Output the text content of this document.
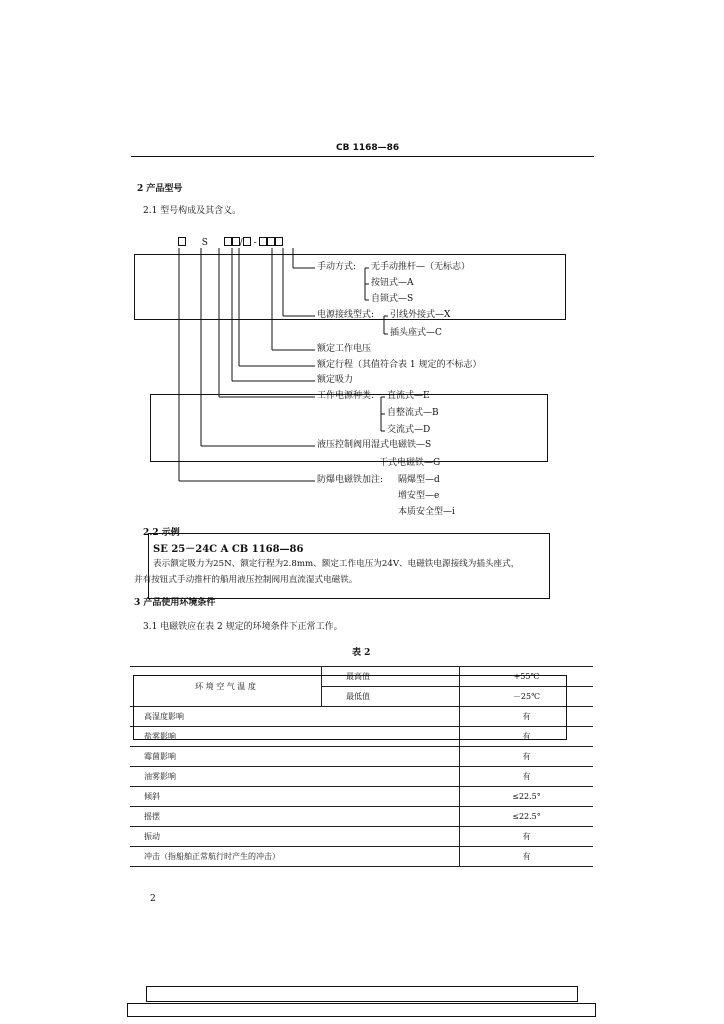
CB 1168—86
2 产品型号
2.1 型号构成及其含义。
S	/ -
手动方式: 无手动推杆—（无标志）
按钮式—A
自锁式—S
电源接线型式: 引线外接式—X
插头座式—C
额定工作电压
额定行程（其值符合表 1 规定的不标志）
额定吸力
工作电源种类: 直流式—E
自整流式—B
交流式—D
液压控制阀用湿式电磁铁—S
干式电磁铁—G
防爆电磁铁加注: 隔爆型—d
增安型—e
本质安全型—i
2.2 示例
SE 25－24C A CB 1168—86
表示额定吸力为25N、额定行程为2.8mm、额定工作电压为24V、电磁铁电源接线为插头座式，
并有按钮式手动推杆的船用液压控制阀用直流湿式电磁铁。
3 产品使用环境条件
3.1 电磁铁应在表 2 规定的环境条件下正常工作。
表 2
环 境 空 气 温 度	最高值	+55℃
	最低值	－25℃
高湿度影响		有
盐雾影响		有
霉菌影响		有
油雾影响		有
倾斜		≤22.5°
摇摆		≤22.5°
振动		有
冲击（指船舶正常航行时产生的冲击）		有
2
